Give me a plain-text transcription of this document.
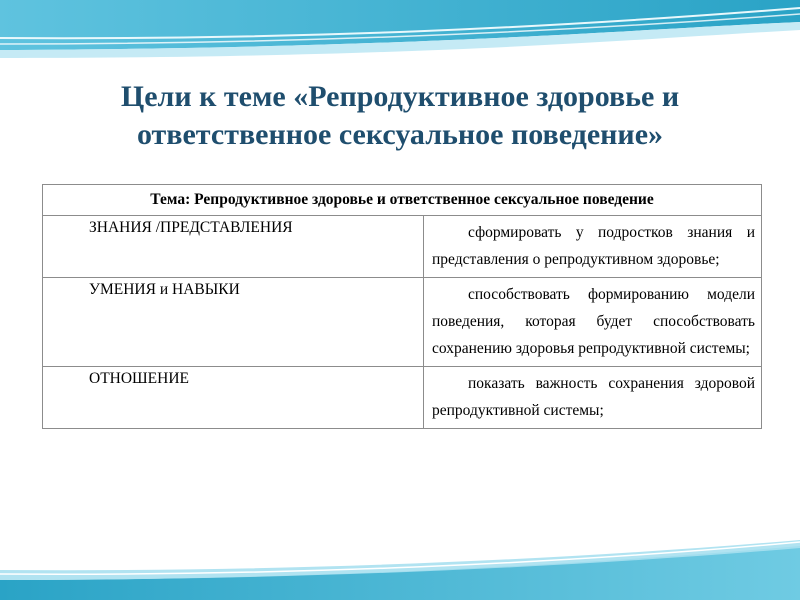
Цели к теме «Репродуктивное здоровье и ответственное сексуальное поведение»
Тема: Репродуктивное здоровье и ответственное сексуальное поведение	
ЗНАНИЯ /ПРЕДСТАВЛЕНИЯ	сформировать у подростков знания и представления о репродуктивном здоровье;
УМЕНИЯ и НАВЫКИ	способствовать формированию модели поведения, которая будет способствовать сохранению здоровья репродуктивной системы;
ОТНОШЕНИЕ	показать важность сохранения здоровой репродуктивной системы;
